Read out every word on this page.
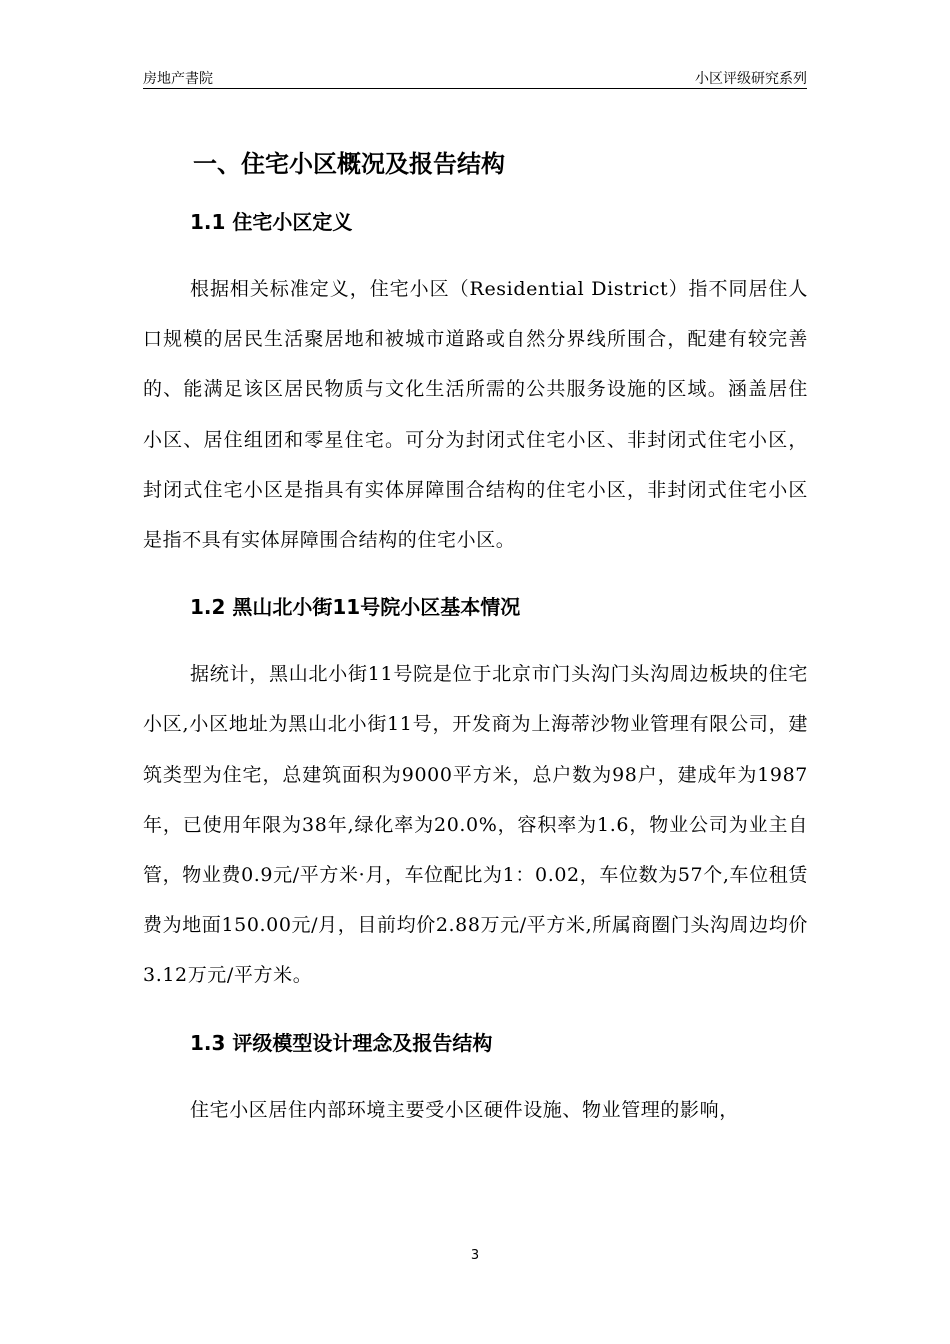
房地产書院	小区评级研究系列
一、住宅小区概况及报告结构
1.1 住宅小区定义

根据相关标准定义，住宅小区（Residential District）指不同居住人口规模的居民生活聚居地和被城市道路或自然分界线所围合，配建有较完善的、能满足该区居民物质与文化生活所需的公共服务设施的区域。涵盖居住小区、居住组团和零星住宅。可分为封闭式住宅小区、非封闭式住宅小区，封闭式住宅小区是指具有实体屏障围合结构的住宅小区，非封闭式住宅小区是指不具有实体屏障围合结构的住宅小区。

1.2 黑山北小街11号院小区基本情况

据统计，黑山北小街11号院是位于北京市门头沟门头沟周边板块的住宅小区,小区地址为黑山北小街11号，开发商为上海蒂沙物业管理有限公司，建筑类型为住宅，总建筑面积为9000平方米，总户数为98户，建成年为1987年，已使用年限为38年,绿化率为20.0%，容积率为1.6，物业公司为业主自管，物业费0.9元/平方米·月，车位配比为1：0.02，车位数为57个,车位租赁费为地面150.00元/月，目前均价2.88万元/平方米,所属商圈门头沟周边均价3.12万元/平方米。

1.3 评级模型设计理念及报告结构

住宅小区居住内部环境主要受小区硬件设施、物业管理的影响，

3
